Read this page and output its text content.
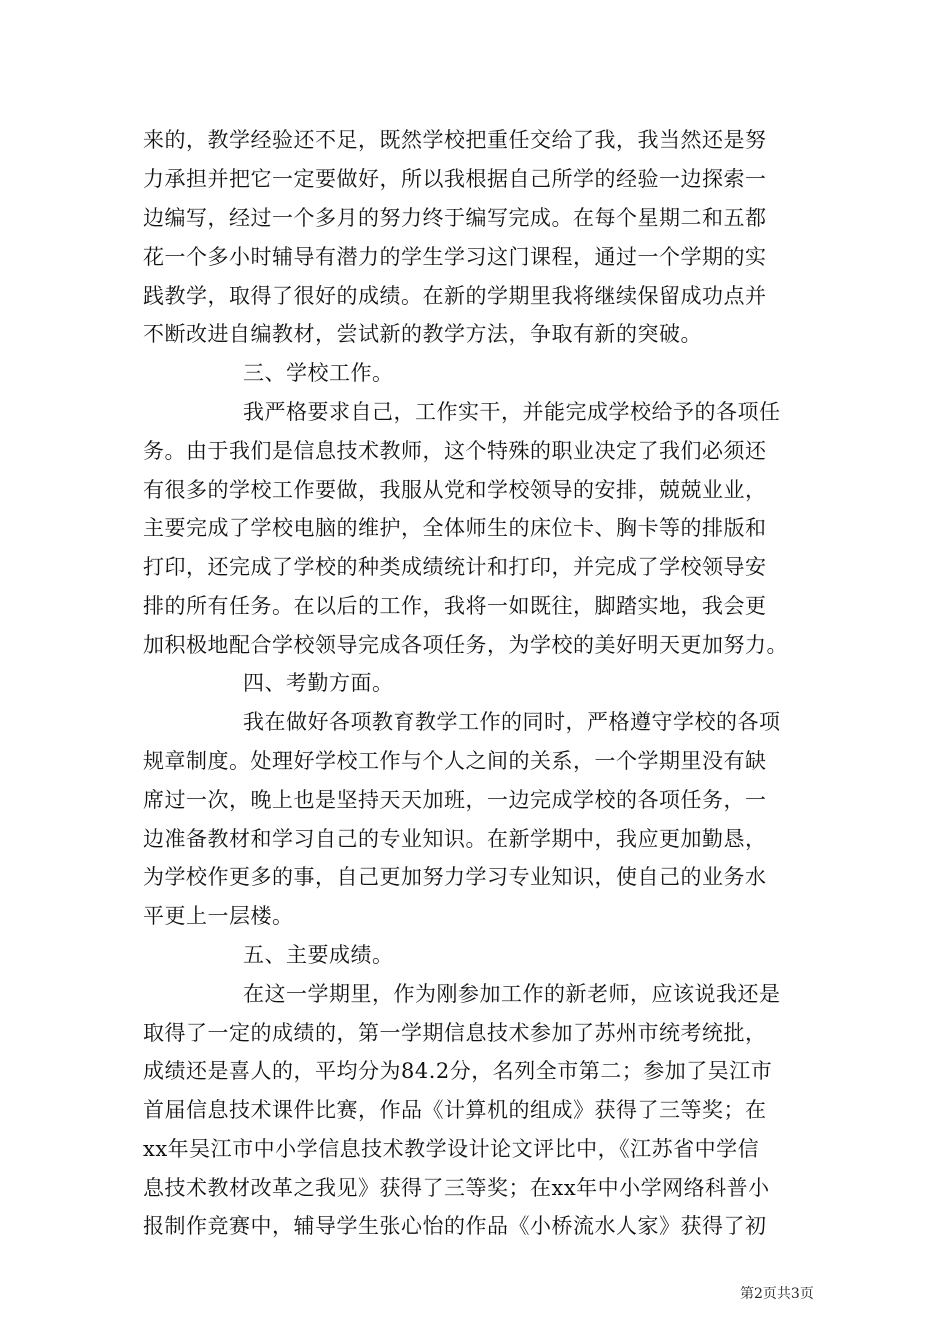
来的，教学经验还不足，既然学校把重任交给了我，我当然还是努
力承担并把它一定要做好，所以我根据自己所学的经验一边探索一
边编写，经过一个多月的努力终于编写完成。在每个星期二和五都
花一个多小时辅导有潜力的学生学习这门课程，通过一个学期的实
践教学，取得了很好的成绩。在新的学期里我将继续保留成功点并
不断改进自编教材，尝试新的教学方法，争取有新的突破。
三、学校工作。
我严格要求自己，工作实干，并能完成学校给予的各项任
务。由于我们是信息技术教师，这个特殊的职业决定了我们必须还
有很多的学校工作要做，我服从党和学校领导的安排，兢兢业业，
主要完成了学校电脑的维护，全体师生的床位卡、胸卡等的排版和
打印，还完成了学校的种类成绩统计和打印，并完成了学校领导安
排的所有任务。在以后的工作，我将一如既往，脚踏实地，我会更
加积极地配合学校领导完成各项任务，为学校的美好明天更加努力。
四、考勤方面。
我在做好各项教育教学工作的同时，严格遵守学校的各项
规章制度。处理好学校工作与个人之间的关系，一个学期里没有缺
席过一次，晚上也是坚持天天加班，一边完成学校的各项任务，一
边准备教材和学习自己的专业知识。在新学期中，我应更加勤恳，
为学校作更多的事，自己更加努力学习专业知识，使自己的业务水
平更上一层楼。
五、主要成绩。
在这一学期里，作为刚参加工作的新老师，应该说我还是
取得了一定的成绩的，第一学期信息技术参加了苏州市统考统批，
成绩还是喜人的，平均分为84.2分，名列全市第二；参加了吴江市
首届信息技术课件比赛，作品《计算机的组成》获得了三等奖；在
xx年吴江市中小学信息技术教学设计论文评比中，《江苏省中学信
息技术教材改革之我见》获得了三等奖；在xx年中小学网络科普小
报制作竞赛中，辅导学生张心怡的作品《小桥流水人家》获得了初
第2页共3页
